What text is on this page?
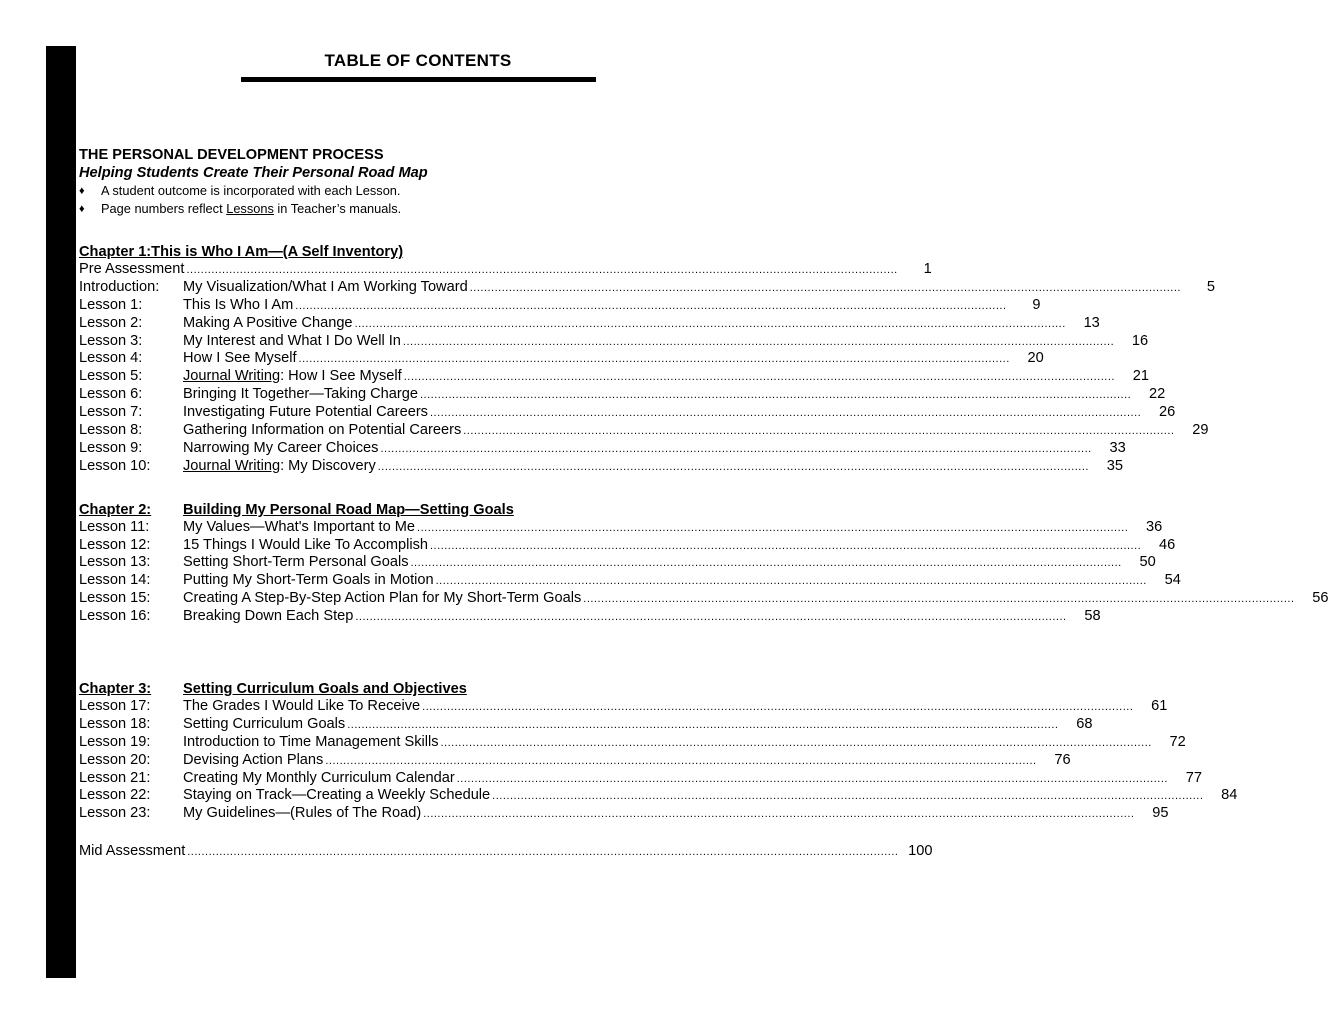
TABLE OF CONTENTS
THE PERSONAL DEVELOPMENT PROCESS
Helping Students Create Their Personal Road Map
♦	A student outcome is incorporated with each Lesson.
♦	Page numbers reflect Lessons in Teacher’s manuals.
Chapter 1:This is Who I Am—(A Self Inventory)
Pre Assessment ........................................................................................................................................................................................................	1
Introduction:	My Visualization/What I Am Working Toward ........................................................................................................................................................................................................	5
Lesson 1:	This Is Who I Am ........................................................................................................................................................................................................	9
Lesson 2:	Making A Positive Change ........................................................................................................................................................................................................	13
Lesson 3:	My Interest and What I Do Well In ........................................................................................................................................................................................................	16
Lesson 4:	How I See Myself ........................................................................................................................................................................................................	20
Lesson 5:	Journal Writing: How I See Myself ........................................................................................................................................................................................................	21
Lesson 6:	Bringing It Together—Taking Charge ........................................................................................................................................................................................................	22
Lesson 7:	Investigating Future Potential Careers ........................................................................................................................................................................................................	26
Lesson 8:	Gathering Information on Potential Careers ........................................................................................................................................................................................................	29
Lesson 9:	Narrowing My Career Choices ........................................................................................................................................................................................................	33
Lesson 10:	Journal Writing: My Discovery ........................................................................................................................................................................................................	35
Chapter 2:	Building My Personal Road Map—Setting Goals
Lesson 11:	My Values—What's Important to Me ........................................................................................................................................................................................................	36
Lesson 12:	15 Things I Would Like To Accomplish ........................................................................................................................................................................................................	46
Lesson 13:	Setting Short-Term Personal Goals ........................................................................................................................................................................................................	50
Lesson 14:	Putting My Short-Term Goals in Motion ........................................................................................................................................................................................................	54
Lesson 15:	Creating A Step-By-Step Action Plan for My Short-Term Goals ........................................................................................................................................................................................................	56
Lesson 16:	Breaking Down Each Step ........................................................................................................................................................................................................	58
Chapter 3:	Setting Curriculum Goals and Objectives
Lesson 17:	The Grades I Would Like To Receive ........................................................................................................................................................................................................	61
Lesson 18:	Setting Curriculum Goals ........................................................................................................................................................................................................	68
Lesson 19:	Introduction to Time Management Skills ........................................................................................................................................................................................................	72
Lesson 20:	Devising Action Plans ........................................................................................................................................................................................................	76
Lesson 21:	Creating My Monthly Curriculum Calendar ........................................................................................................................................................................................................	77
Lesson 22:	Staying on Track—Creating a Weekly Schedule ........................................................................................................................................................................................................	84
Lesson 23:	My Guidelines—(Rules of The Road) ........................................................................................................................................................................................................	95
Mid Assessment ........................................................................................................................................................................................................ 100
